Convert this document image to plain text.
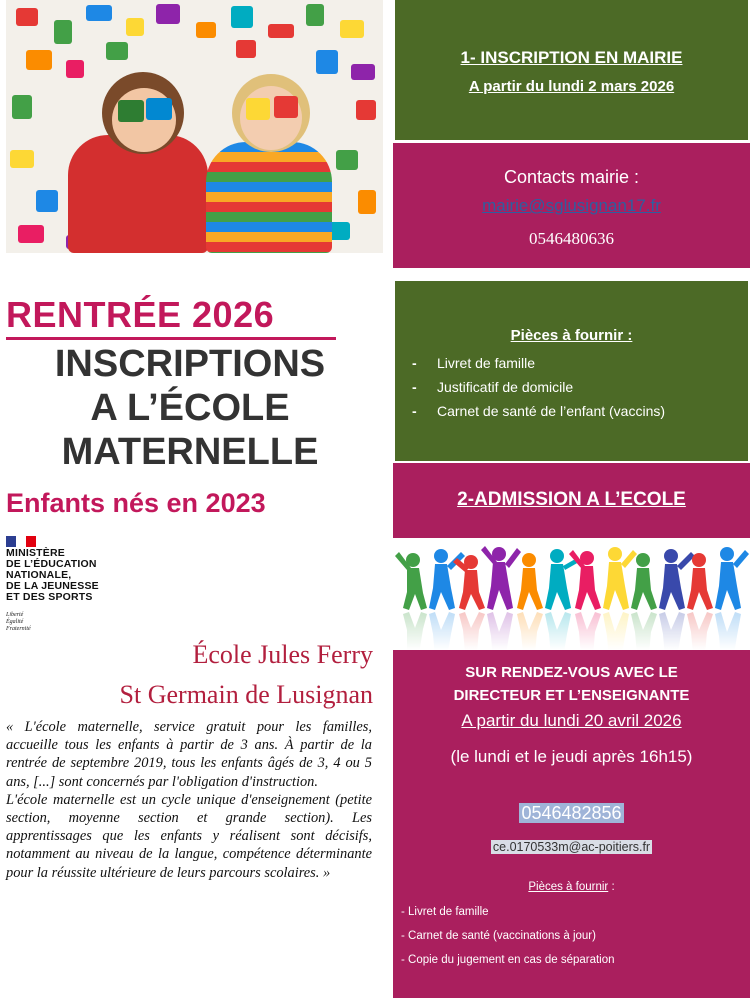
RENTRÉE 2026
INSCRIPTIONS
A L’ÉCOLE
MATERNELLE
Enfants nés en 2023
MINISTÈRE
DE L’ÉDUCATION
NATIONALE,
DE LA JEUNESSE
ET DES SPORTS
Liberté
Égalité
Fraternité
École Jules Ferry
St Germain de Lusignan

« L'école maternelle, service gratuit pour les familles, accueille tous les enfants à partir de 3 ans. À partir de la rentrée de septembre 2019, tous les enfants âgés de 3, 4 ou 5 ans, [...] sont concernés par l'obligation d'instruction.

L'école maternelle est un cycle unique d'enseignement (petite section, moyenne section et grande section). Les apprentissages que les enfants y réalisent sont décisifs, notamment au niveau de la langue, compétence déterminante pour la réussite ultérieure de leurs parcours scolaires. »

1- INSCRIPTION EN MAIRIE
A partir du lundi 2 mars 2026
Contacts mairie :
mairie@sglusignan17.fr
0546480636
Pièces à fournir :
- Livret de famille
- Justificatif de domicile
- Carnet de santé de l’enfant (vaccins)
2-ADMISSION A L’ECOLE
SUR RENDEZ-VOUS AVEC LE
DIRECTEUR ET L’ENSEIGNANTE
A partir du lundi 20 avril 2026
(le lundi et le jeudi après 16h15)
0546482856
ce.0170533m@ac-poitiers.fr
Pièces à fournir :
- Livret de famille
- Carnet de santé (vaccinations à jour)
- Copie du jugement en cas de séparation
